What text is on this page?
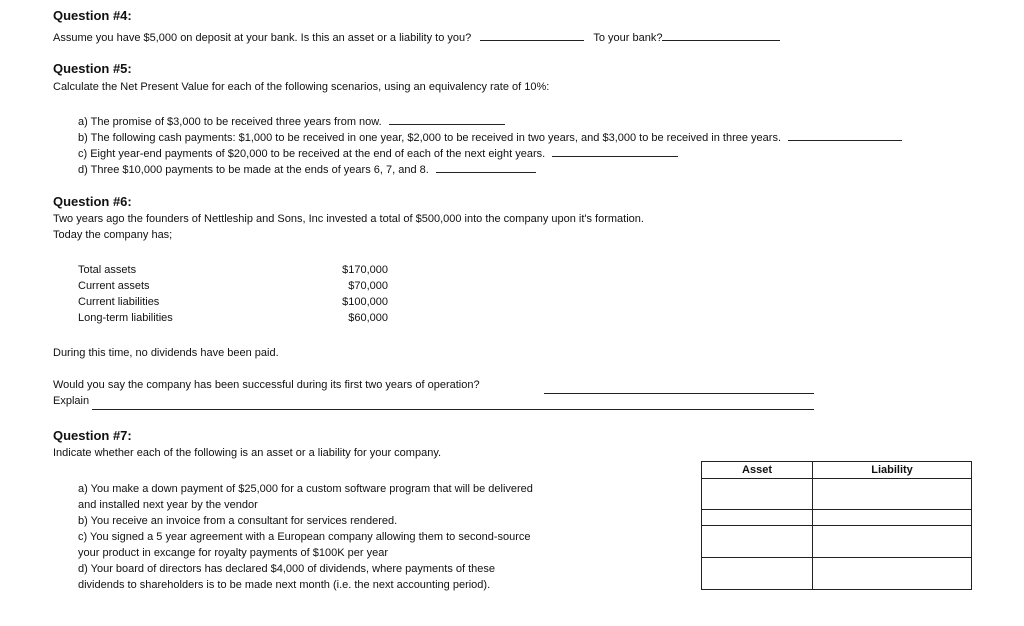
Question #4:
Assume you have $5,000 on deposit at your bank. Is this an asset or a liability to you?	To your bank?
Question #5:
Calculate the Net Present Value for each of the following scenarios, using an equivalency rate of 10%:
a) The promise of $3,000 to be received three years from now.
b) The following cash payments: $1,000 to be received in one year, $2,000 to be received in two years, and $3,000 to be received in three years.
c) Eight year-end payments of $20,000 to be received at the end of each of the next eight years.
d) Three $10,000 payments to be made at the ends of years 6, 7, and 8.
Question #6:
Two years ago the founders of Nettleship and Sons, Inc invested a total of $500,000 into the company upon it's formation.
Today the company has;
Total assets	$170,000
Current assets	$70,000
Current liabilities	$100,000
Long-term liabilities	$60,000
During this time, no dividends have been paid.
Would you say the company has been successful during its first two years of operation?
Explain
Question #7:
Indicate whether each of the following is an asset or a liability for your company.
a) You make a down payment of $25,000 for a custom software program that will be delivered
and installed next year by the vendor
b) You receive an invoice from a consultant for services rendered.
c) You signed a 5 year agreement with a European company allowing them to second-source
your product in excange for royalty payments of $100K per year
d) Your board of directors has declared $4,000 of dividends, where payments of these
dividends to shareholders is to be made next month (i.e. the next accounting period).
Asset	Liability
